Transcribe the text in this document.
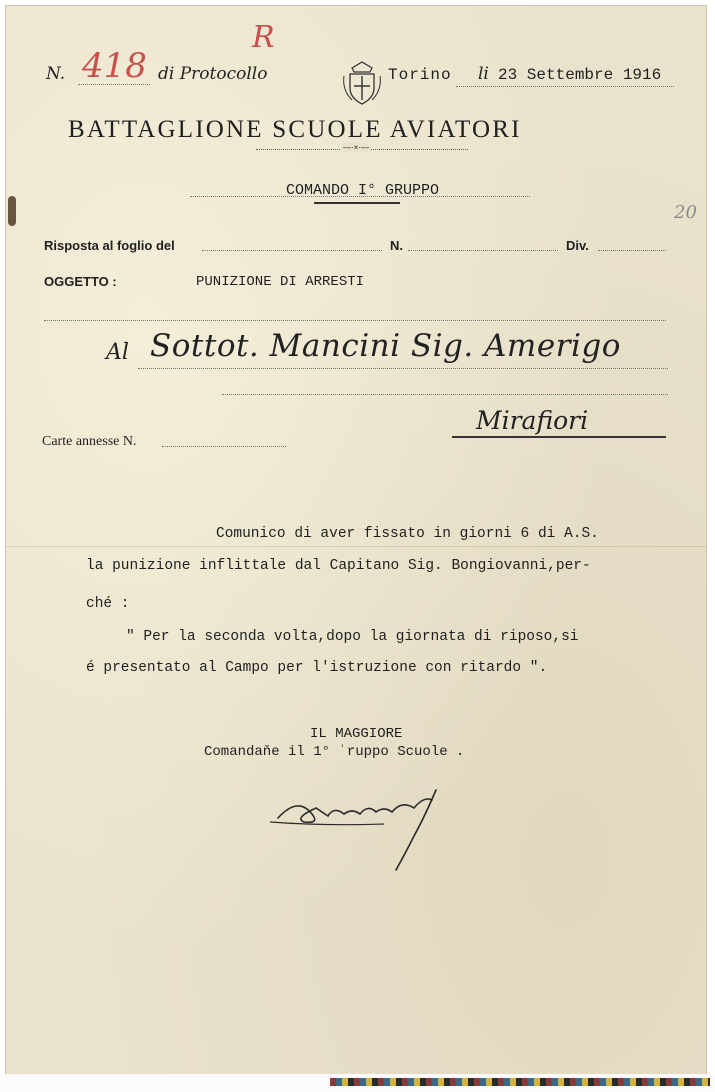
N. 418 di Protocollo
R
Torino li 23 Settembre 1916
BATTAGLIONE SCUOLE AVIATORI
—·×·—
COMANDO I° GRUPPO
20
Risposta al foglio del	N.	Div.
OGGETTO :	PUNIZIONE DI ARRESTI
Al Sottot. Mancini Sig. Amerigo
Mirafiori
Carte annesse N.
Comunico di aver fissato in giorni 6 di A.S.
la punizione inflittale dal Capitano Sig. Bongiovanni,per-
ché :
" Per la seconda volta,dopo la giornata di riposo,si
é presentato al Campo per l'istruzione con ritardo ".
IL MAGGIORE
Comandaňe il 1° ʿruppo Scuole .
